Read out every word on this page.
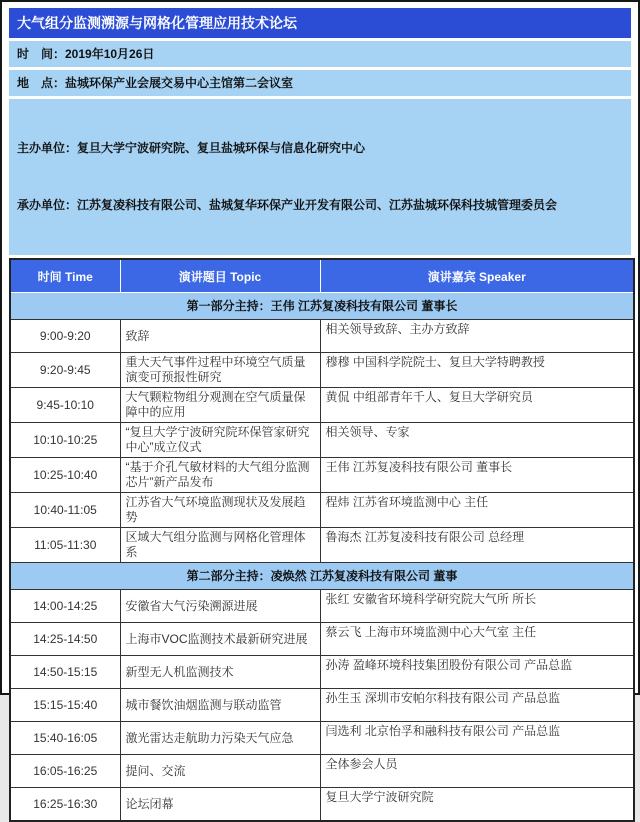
大气组分监测溯源与网格化管理应用技术论坛
时　间：2019年10月26日
地　点：盐城环保产业会展交易中心主馆第二会议室

主办单位：复旦大学宁波研究院、复旦盐城环保与信息化研究中心

承办单位：江苏复凌科技有限公司、盐城复华环保产业开发有限公司、江苏盐城环保科技城管理委员会

时间 Time	演讲题目 Topic	演讲嘉宾 Speaker
第一部分主持：王伟 江苏复凌科技有限公司 董事长		
9:00-9:20	致辞	相关领导致辞、主办方致辞
9:20-9:45	重大天气事件过程中环境空气质量演变可预报性研究	穆穆 中国科学院院士、复旦大学特聘教授
9:45-10:10	大气颗粒物组分观测在空气质量保障中的应用	黄侃 中组部青年千人、复旦大学研究员
10:10-10:25	“复旦大学宁波研究院环保管家研究中心”成立仪式	相关领导、专家
10:25-10:40	“基于介孔气敏材料的大气组分监测芯片”新产品发布	王伟 江苏复凌科技有限公司 董事长
10:40-11:05	江苏省大气环境监测现状及发展趋势	程炜 江苏省环境监测中心 主任
11:05-11:30	区域大气组分监测与网格化管理体系	鲁海杰 江苏复凌科技有限公司 总经理
第二部分主持：凌焕然 江苏复凌科技有限公司 董事		
14:00-14:25	安徽省大气污染溯源进展	张红 安徽省环境科学研究院大气所 所长
14:25-14:50	上海市VOC监测技术最新研究进展	蔡云飞 上海市环境监测中心大气室 主任
14:50-15:15	新型无人机监测技术	孙涛 盈峰环境科技集团股份有限公司 产品总监
15:15-15:40	城市餐饮油烟监测与联动监管	孙生玉 深圳市安帕尔科技有限公司 产品总监
15:40-16:05	激光雷达走航助力污染天气应急	闫选利 北京怡孚和融科技有限公司 产品总监
16:05-16:25	提问、交流	全体参会人员
16:25-16:30	论坛闭幕	复旦大学宁波研究院
